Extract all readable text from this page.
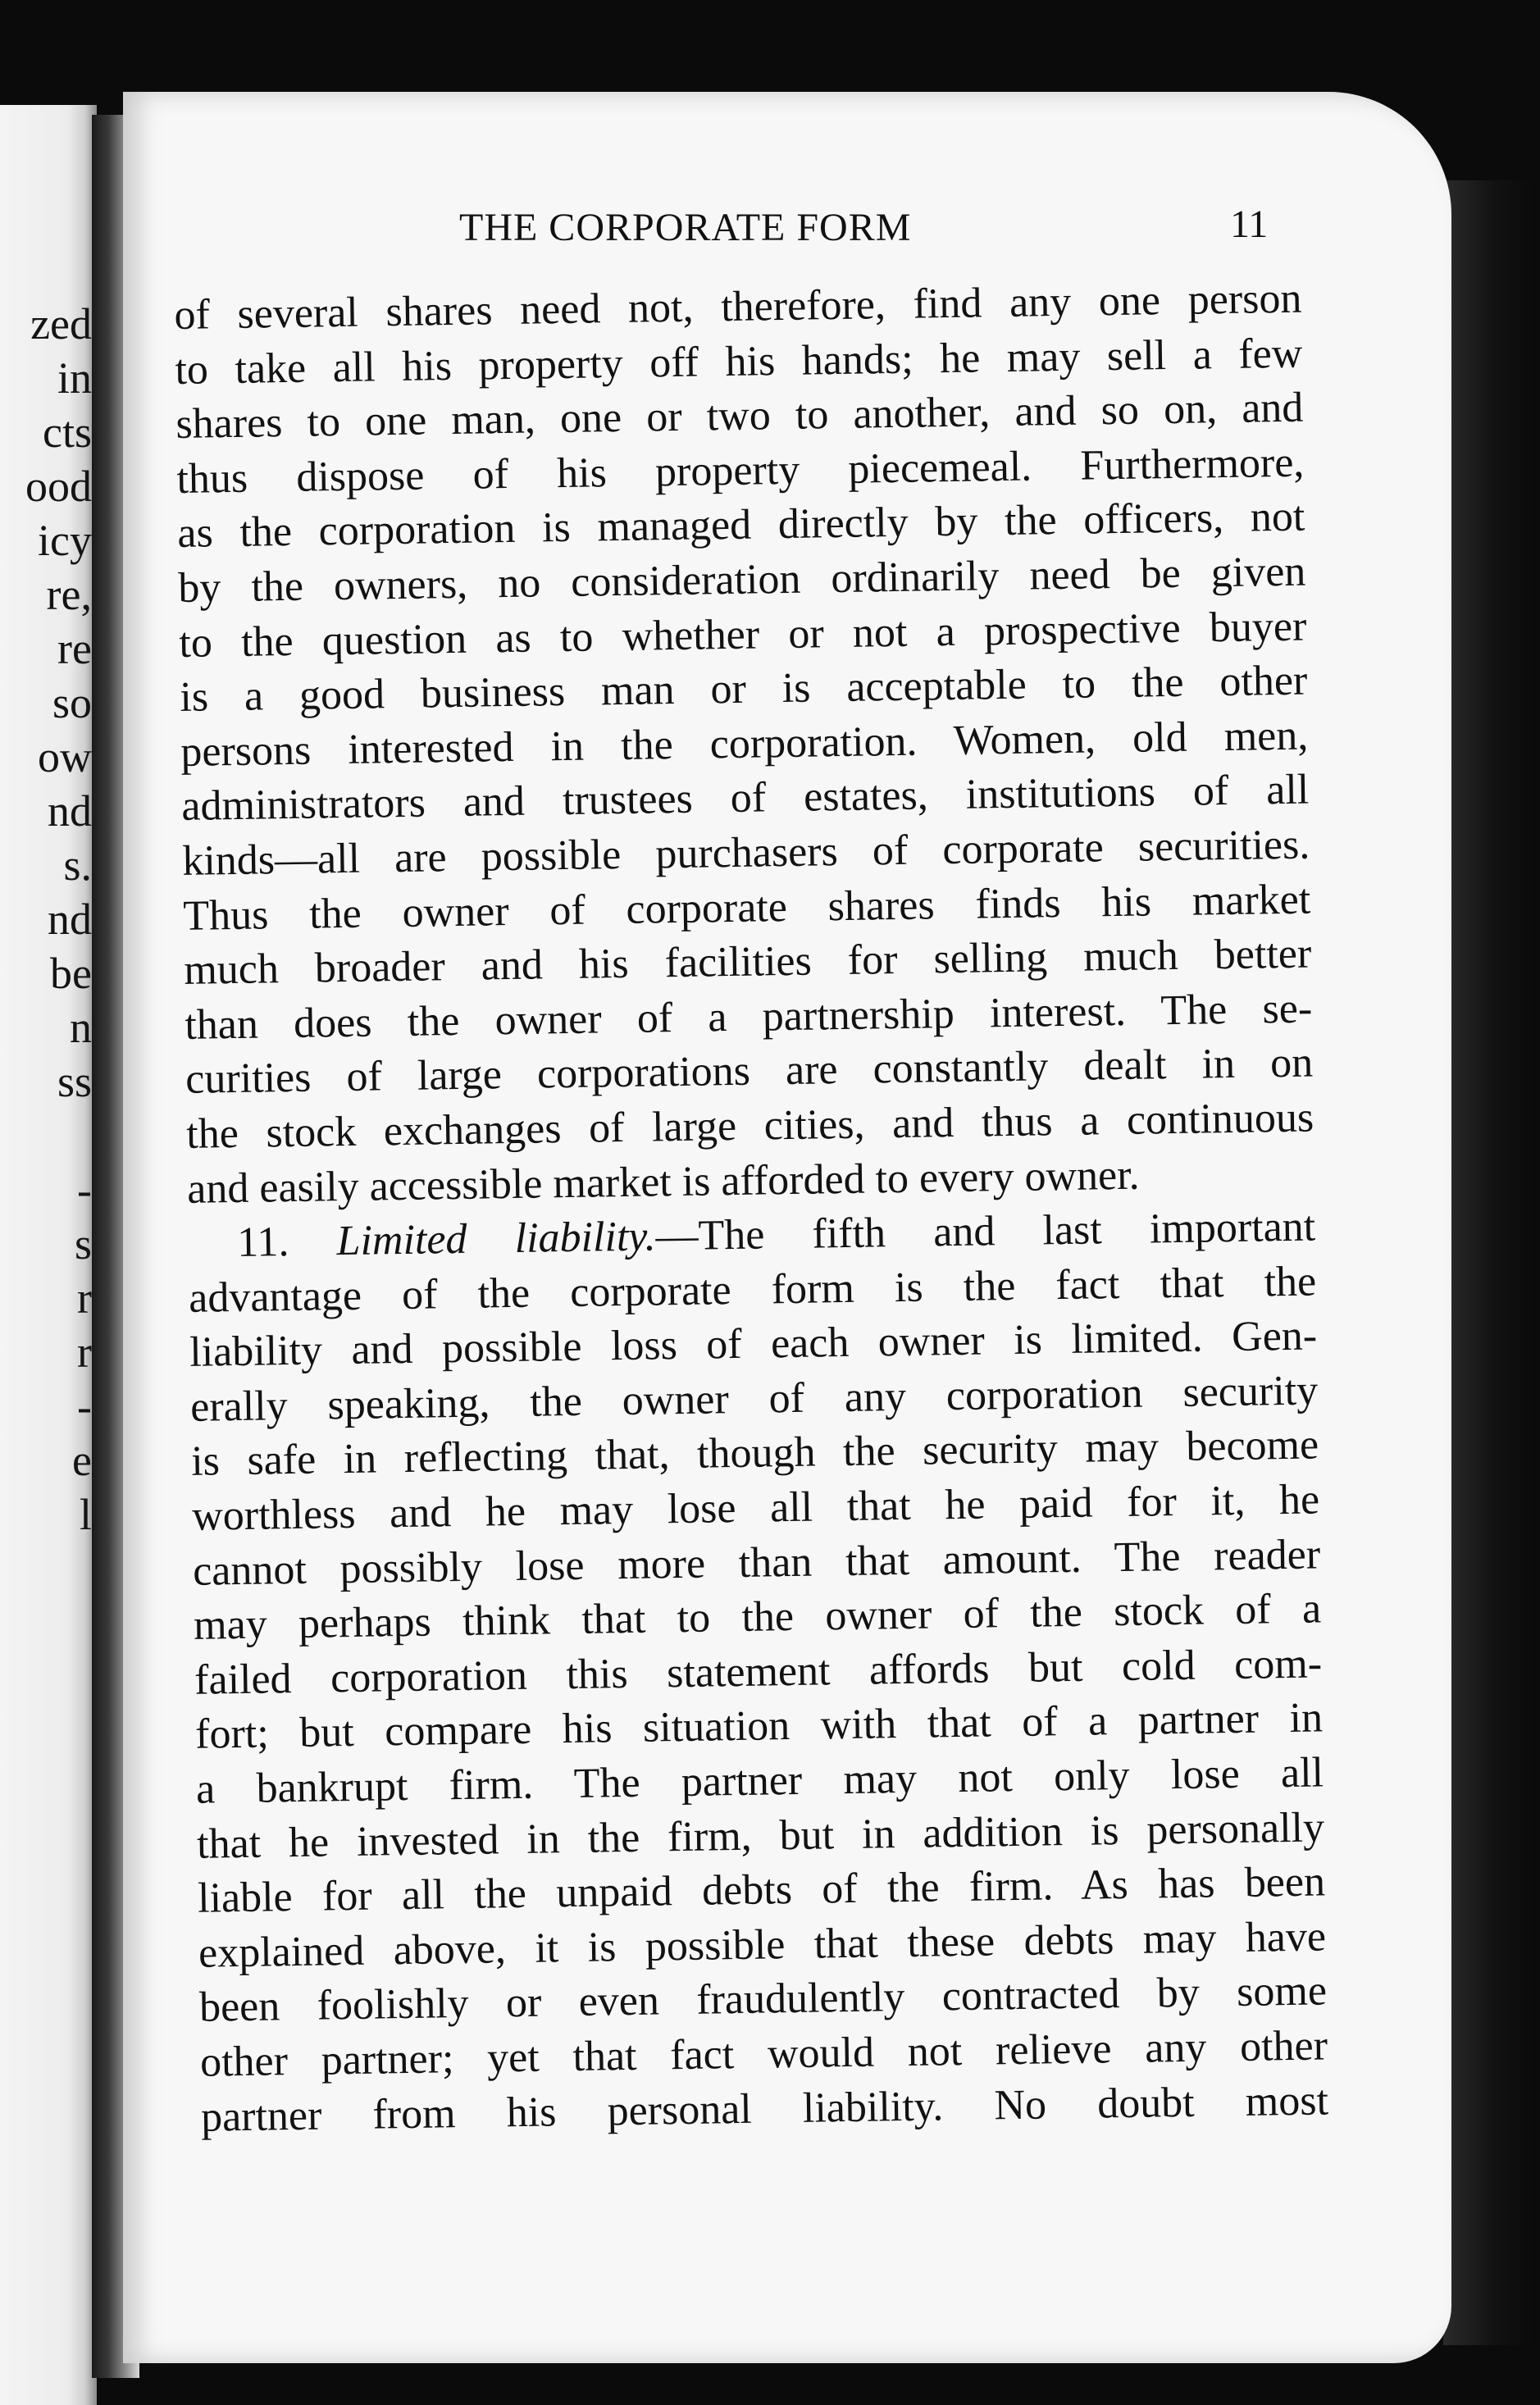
zed
in
cts
ood
icy
re,
re
so
ow
nd
s.
nd
be
n
ss
-
s
r
r
-
e
l
THE CORPORATE FORM	11
of several shares need not, therefore, find any one person
to take all his property off his hands; he may sell a few
shares to one man, one or two to another, and so on, and
thus dispose of his property piecemeal. Furthermore,
as the corporation is managed directly by the officers, not
by the owners, no consideration ordinarily need be given
to the question as to whether or not a prospective buyer
is a good business man or is acceptable to the other
persons interested in the corporation. Women, old men,
administrators and trustees of estates, institutions of all
kinds—all are possible purchasers of corporate securities.
Thus the owner of corporate shares finds his market
much broader and his facilities for selling much better
than does the owner of a partnership interest. The se-
curities of large corporations are constantly dealt in on
the stock exchanges of large cities, and thus a continuous
and easily accessible market is afforded to every owner.
11. Limited liability.—The fifth and last important
advantage of the corporate form is the fact that the
liability and possible loss of each owner is limited. Gen-
erally speaking, the owner of any corporation security
is safe in reflecting that, though the security may become
worthless and he may lose all that he paid for it, he
cannot possibly lose more than that amount. The reader
may perhaps think that to the owner of the stock of a
failed corporation this statement affords but cold com-
fort; but compare his situation with that of a partner in
a bankrupt firm. The partner may not only lose all
that he invested in the firm, but in addition is personally
liable for all the unpaid debts of the firm. As has been
explained above, it is possible that these debts may have
been foolishly or even fraudulently contracted by some
other partner; yet that fact would not relieve any other
partner from his personal liability. No doubt most
